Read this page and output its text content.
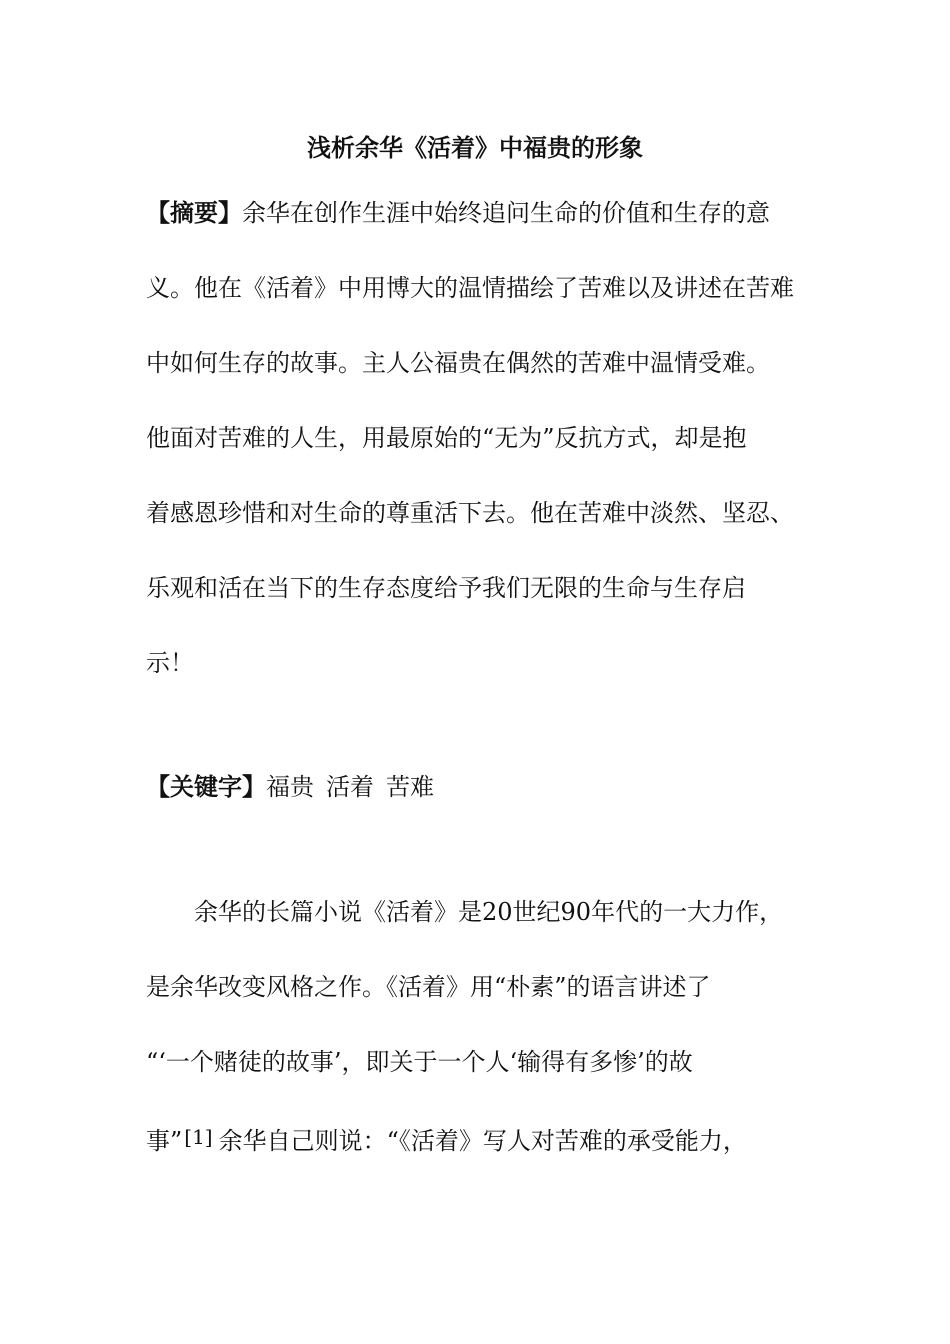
浅析余华《活着》中福贵的形象
【摘要】余华在创作生涯中始终追问生命的价值和生存的意
义。他在《活着》中用博大的温情描绘了苦难以及讲述在苦难
中如何生存的故事。主人公福贵在偶然的苦难中温情受难。
他面对苦难的人生，用最原始的“无为”反抗方式，却是抱
着感恩珍惜和对生命的尊重活下去。他在苦难中淡然、坚忍、
乐观和活在当下的生存态度给予我们无限的生命与生存启
示！
【关键字】福贵 活着 苦难
余华的长篇小说《活着》是20世纪90年代的一大力作，
是余华改变风格之作。《活着》用“朴素”的语言讲述了
“‘一个赌徒的故事’，即关于一个人‘输得有多惨’的故
事” [1] 余华自己则说：“《活着》写人对苦难的承受能力，
